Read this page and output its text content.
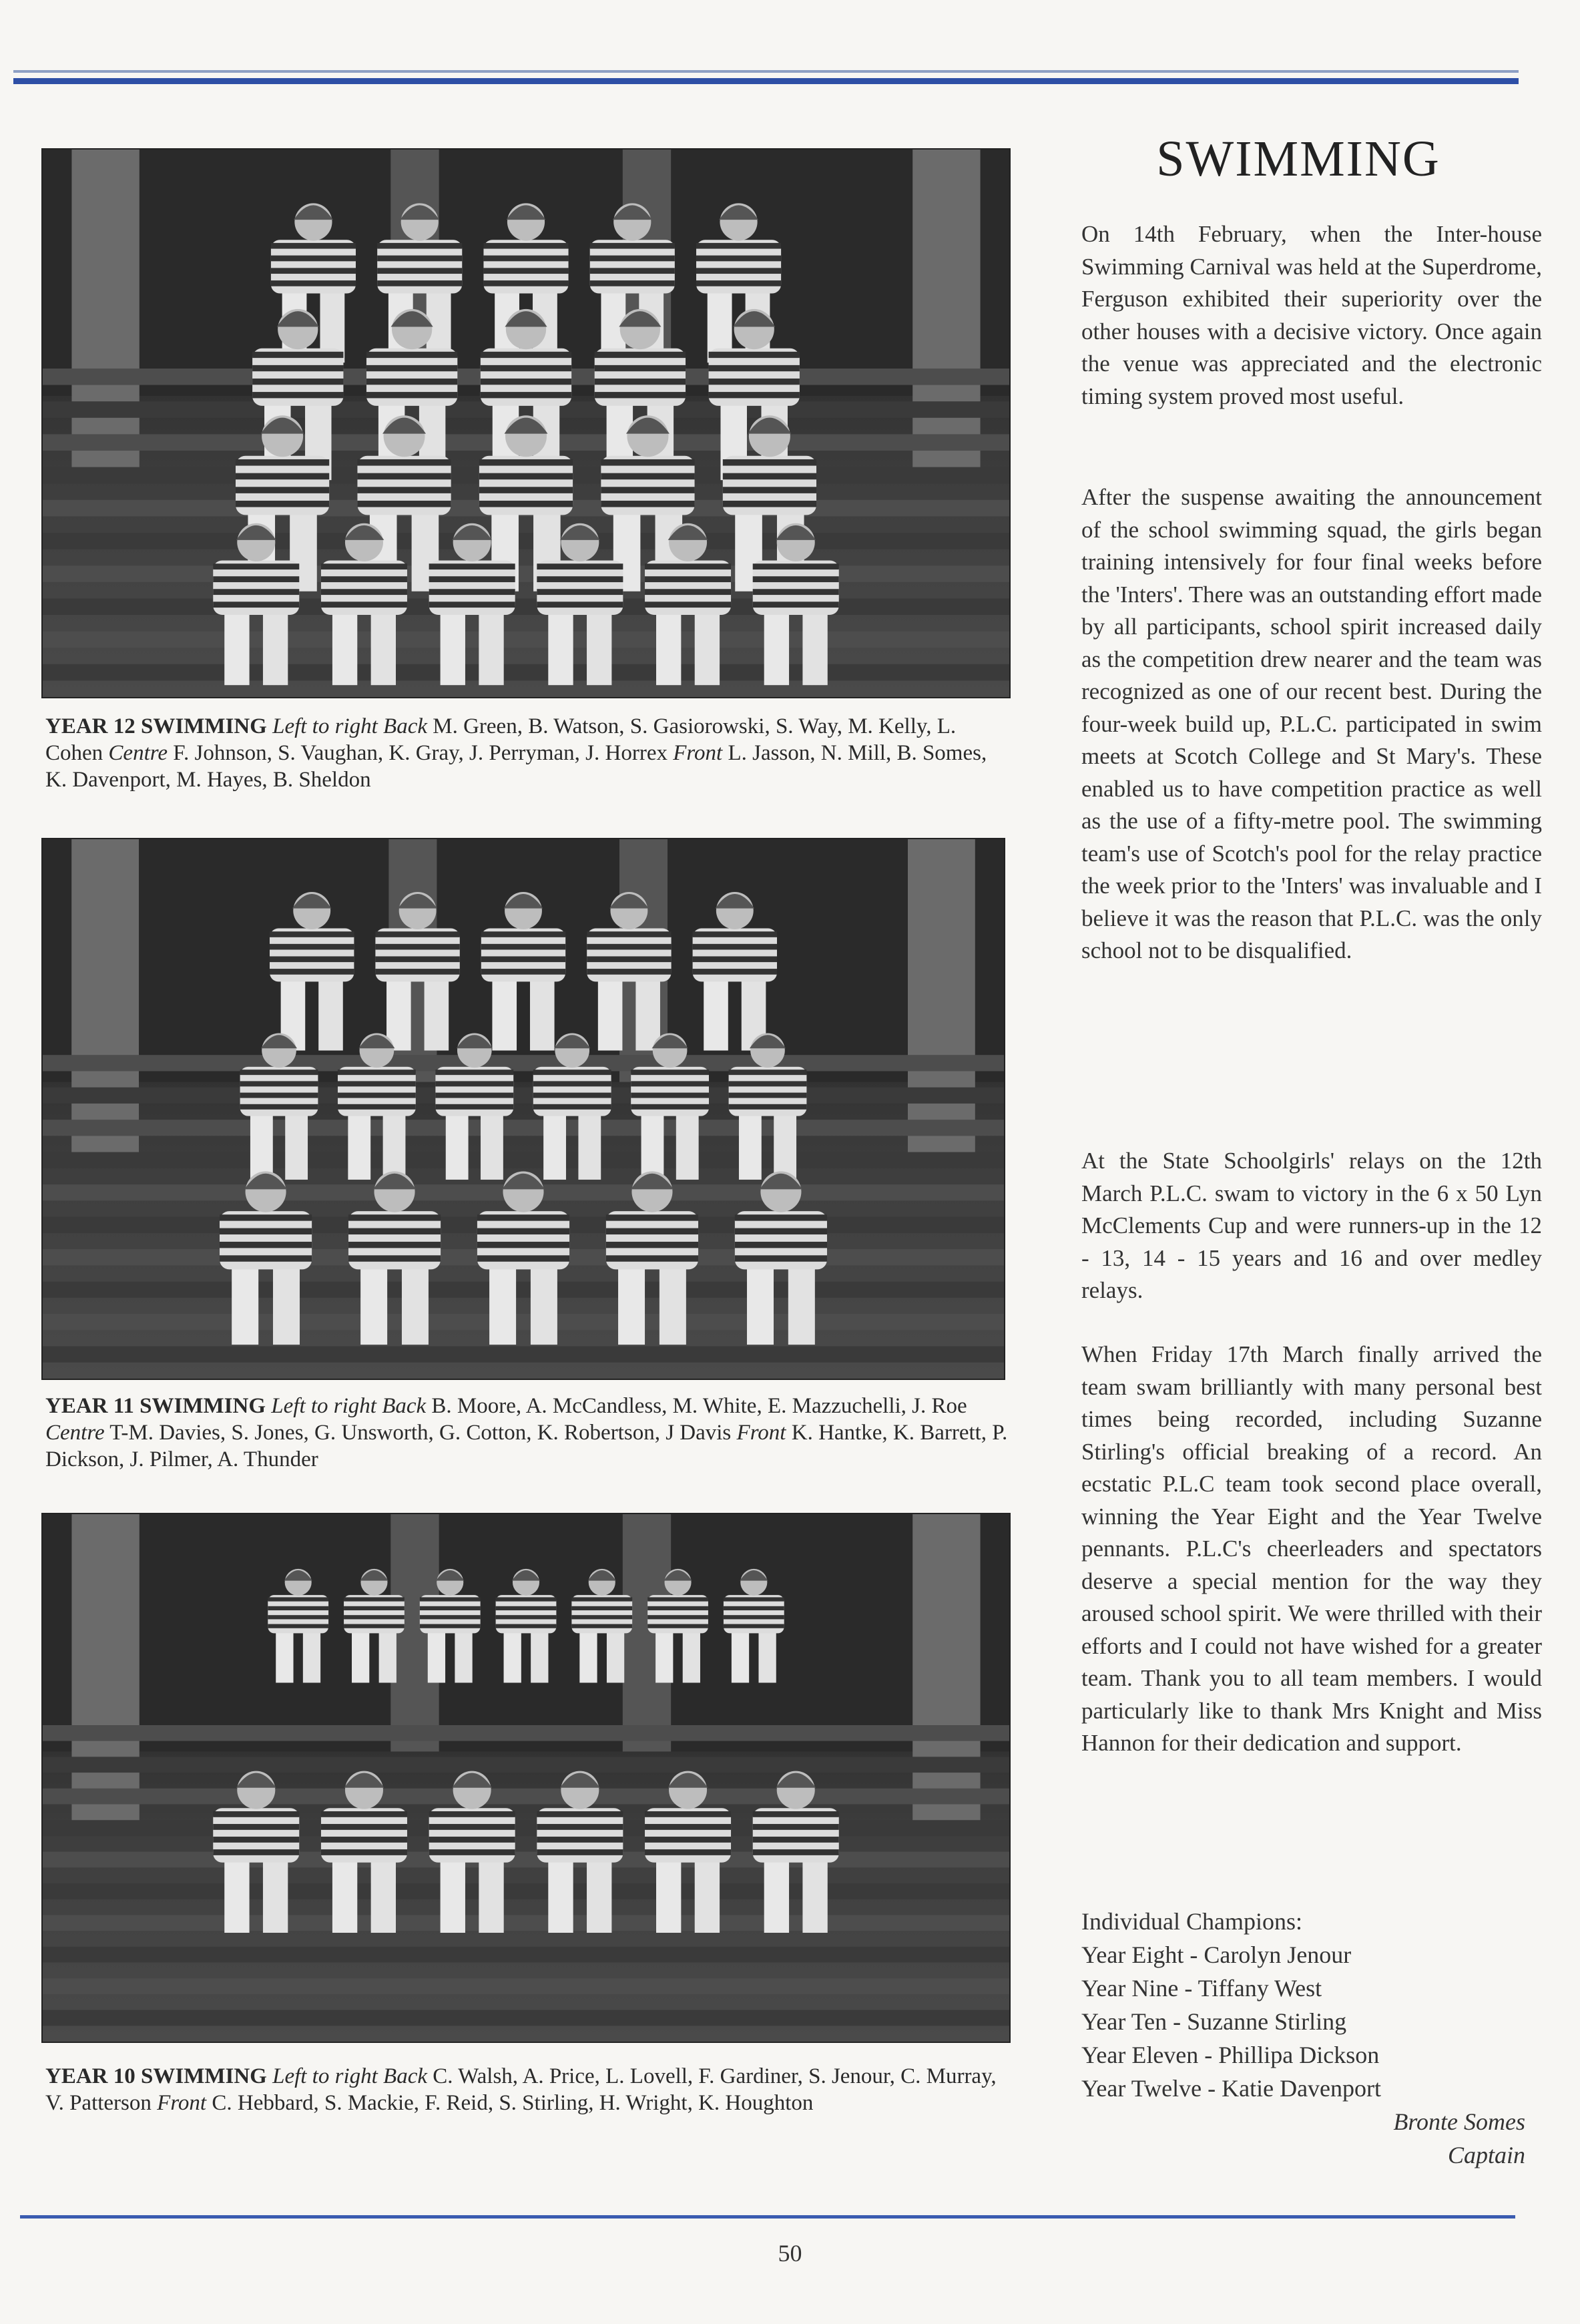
YEAR 12 SWIMMING Left to right Back M. Green, B. Watson, S. Gasiorowski, S. Way, M. Kelly, L. Cohen Centre F. Johnson, S. Vaughan, K. Gray, J. Perryman, J. Horrex Front L. Jasson, N. Mill, B. Somes, K. Davenport, M. Hayes, B. Sheldon
YEAR 11 SWIMMING Left to right Back B. Moore, A. McCandless, M. White, E. Mazzuchelli, J. Roe Centre T-M. Davies, S. Jones, G. Unsworth, G. Cotton, K. Robertson, J Davis Front K. Hantke, K. Barrett, P. Dickson, J. Pilmer, A. Thunder
YEAR 10 SWIMMING Left to right Back C. Walsh, A. Price, L. Lovell, F. Gardiner, S. Jenour, C. Murray, V. Patterson Front C. Hebbard, S. Mackie, F. Reid, S. Stirling, H. Wright, K. Houghton
SWIMMING
On 14th February, when the Inter-house Swimming Carnival was held at the Superdrome, Ferguson exhibited their superiority over the other houses with a decisive victory. Once again the venue was appreciated and the electronic timing system proved most useful.
After the suspense awaiting the announcement of the school swimming squad, the girls began training intensively for four final weeks before the 'Inters'. There was an outstanding effort made by all participants, school spirit increased daily as the competition drew nearer and the team was recognized as one of our recent best. During the four-week build up, P.L.C. participated in swim meets at Scotch College and St Mary's. These enabled us to have competition practice as well as the use of a fifty-metre pool. The swimming team's use of Scotch's pool for the relay practice the week prior to the 'Inters' was invaluable and I believe it was the reason that P.L.C. was the only school not to be disqualified.
At the State Schoolgirls' relays on the 12th March P.L.C. swam to victory in the 6 x 50 Lyn McClements Cup and were runners-up in the 12 - 13, 14 - 15 years and 16 and over medley relays.
When Friday 17th March finally arrived the team swam brilliantly with many personal best times being recorded, including Suzanne Stirling's official breaking of a record. An ecstatic P.L.C team took second place overall, winning the Year Eight and the Year Twelve pennants. P.L.C's cheerleaders and spectators deserve a special mention for the way they aroused school spirit. We were thrilled with their efforts and I could not have wished for a greater team. Thank you to all team members. I would particularly like to thank Mrs Knight and Miss Hannon for their dedication and support.
Individual Champions:
Year Eight - Carolyn Jenour
Year Nine - Tiffany West
Year Ten - Suzanne Stirling
Year Eleven - Phillipa Dickson
Year Twelve - Katie Davenport
Bronte Somes
Captain
50
